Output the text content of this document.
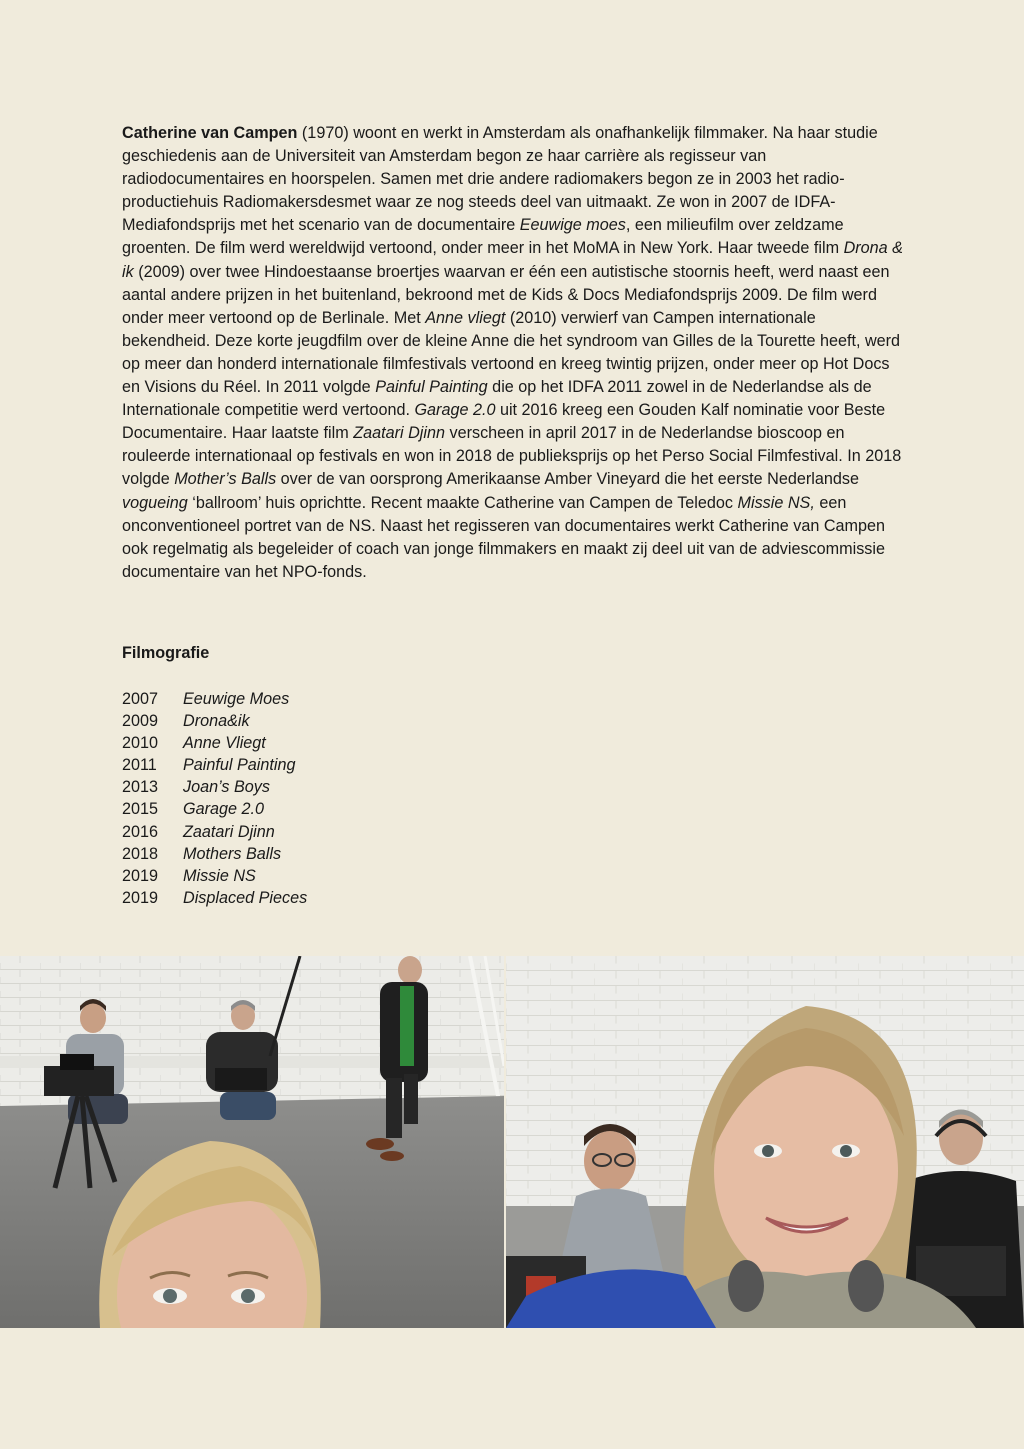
Catherine van Campen (1970) woont en werkt in Amsterdam als onafhankelijk filmmaker. Na haar studie geschiedenis aan de Universiteit van Amsterdam begon ze haar carrière als regisseur van radiodocumentaires en hoorspelen. Samen met drie andere radiomakers begon ze in 2003 het radio-productiehuis Radiomakersdesmet waar ze nog steeds deel van uitmaakt. Ze won in 2007 de IDFA-Mediafondsprijs met het scenario van de documentaire Eeuwige moes, een milieufilm over zeldzame groenten. De film werd wereldwijd vertoond, onder meer in het MoMA in New York. Haar tweede film Drona & ik (2009) over twee Hindoestaanse broertjes waarvan er één een autistische stoornis heeft, werd naast een aantal andere prijzen in het buitenland, bekroond met de Kids & Docs Mediafondsprijs 2009. De film werd onder meer vertoond op de Berlinale. Met Anne vliegt (2010) verwierf van Campen internationale bekendheid. Deze korte jeugdfilm over de kleine Anne die het syndroom van Gilles de la Tourette heeft, werd op meer dan honderd internationale filmfestivals vertoond en kreeg twintig prijzen, onder meer op Hot Docs en Visions du Réel. In 2011 volgde Painful Painting die op het IDFA 2011 zowel in de Nederlandse als de Internationale competitie werd vertoond. Garage 2.0 uit 2016 kreeg een Gouden Kalf nominatie voor Beste Documentaire. Haar laatste film Zaatari Djinn verscheen in april 2017 in de Nederlandse bioscoop en rouleerde internationaal op festivals en won in 2018 de publieksprijs op het Perso Social Filmfestival. In 2018 volgde Mother’s Balls over de van oorsprong Amerikaanse Amber Vineyard die het eerste Nederlandse vogueing ‘ballroom’ huis oprichtte. Recent maakte Catherine van Campen de Teledoc Missie NS, een onconventioneel portret van de NS. Naast het regisseren van documentaires werkt Catherine van Campen ook regelmatig als begeleider of coach van jonge filmmakers en maakt zij deel uit van de adviescommissie documentaire van het NPO-fonds.

Filmografie
2007	Eeuwige Moes
2009	Drona&ik
2010	Anne Vliegt
2011	Painful Painting
2013	Joan’s Boys
2015	Garage 2.0
2016	Zaatari Djinn
2018	Mothers Balls
2019	Missie NS
2019	Displaced Pieces
